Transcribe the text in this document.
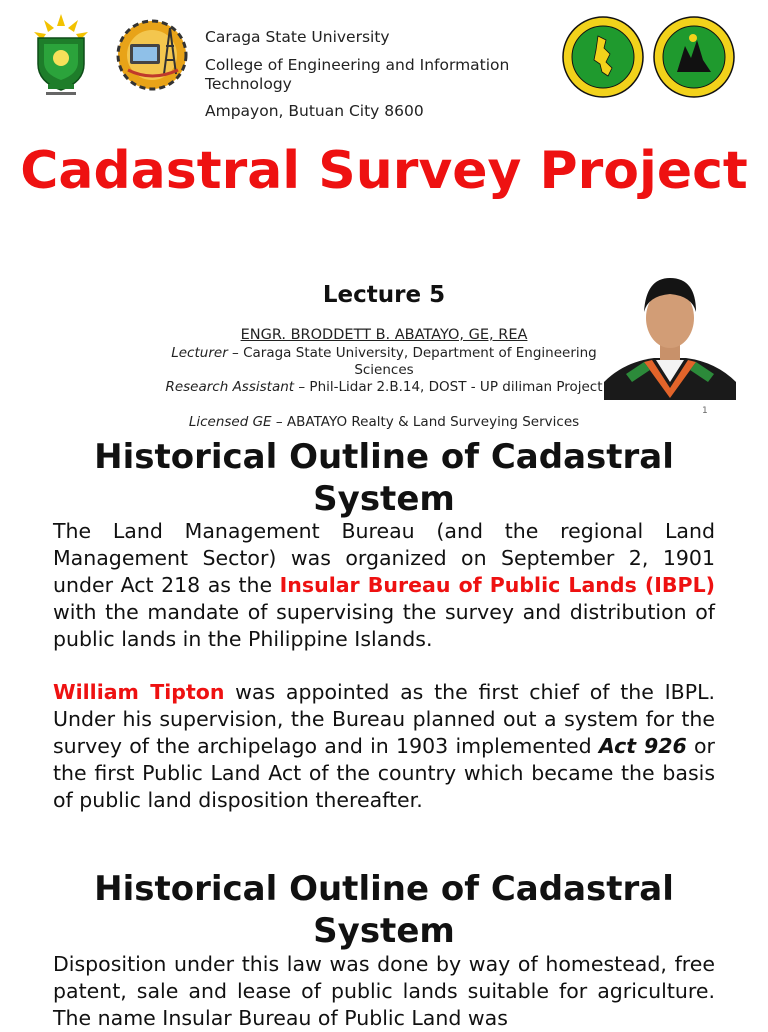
Caraga State University
College of Engineering and Information Technology
Ampayon, Butuan City 8600
Cadastral Survey Project
Lecture 5
ENGR. BRODDETT B. ABATAYO, GE, REA
Lecturer – Caraga State University, Department of Engineering Sciences
Research Assistant – Phil-Lidar 2.B.14, DOST - UP diliman Project
Licensed GE – ABATAYO Realty & Land Surveying Services
1
Historical Outline of Cadastral System

The Land Management Bureau (and the regional Land Management Sector) was organized on September 2, 1901 under Act 218 as the Insular Bureau of Public Lands (IBPL) with the mandate of supervising the survey and distribution of public lands in the Philippine Islands.

William Tipton was appointed as the first chief of the IBPL. Under his supervision, the Bureau planned out a system for the survey of the archipelago and in 1903 implemented Act 926 or the first Public Land Act of the country which became the basis of public land disposition thereafter.

Historical Outline of Cadastral System

Disposition under this law was done by way of homestead, free patent, sale and lease of public lands suitable for agriculture. The name Insular Bureau of Public Land was
